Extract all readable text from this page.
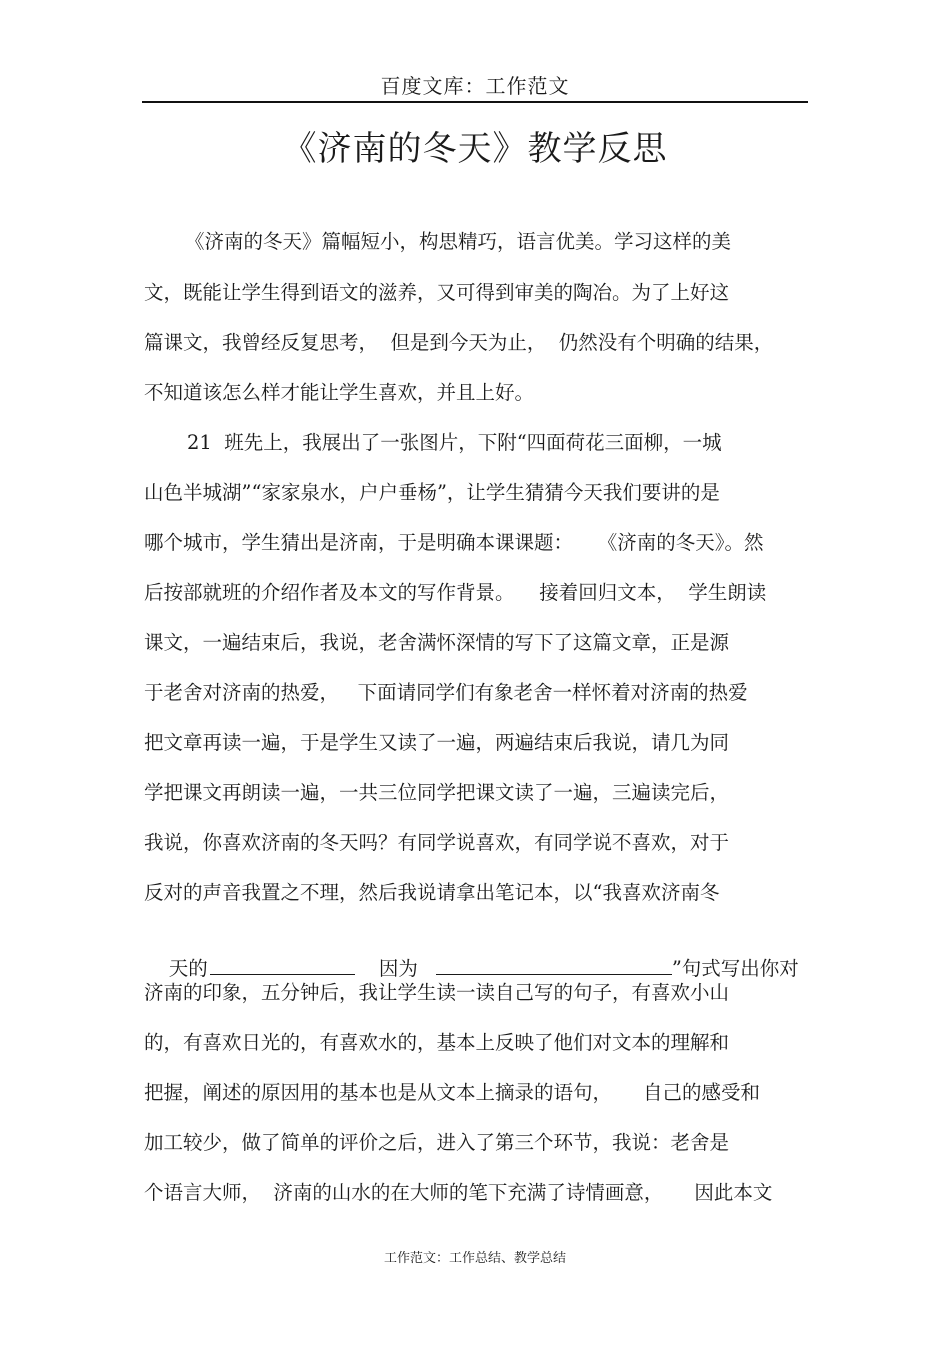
百度文库：工作范文
《济南的冬天》教学反思
《济南的冬天》篇幅短小，构思精巧，语言优美。学习这样的美
文，既能让学生得到语文的滋养，又可得到审美的陶冶。为了上好这
篇课文，我曾经反复思考，  但是到今天为止，  仍然没有个明确的结果，
不知道该怎么样才能让学生喜欢，并且上好。
21  班先上，我展出了一张图片，下附“四面荷花三面柳，一城
山色半城湖”“家家泉水，户户垂杨”，让学生猜猜今天我们要讲的是
哪个城市，学生猜出是济南，于是明确本课课题：    《济南的冬天》。然
后按部就班的介绍作者及本文的写作背景。    接着回归文本，  学生朗读
课文，一遍结束后，我说，老舍满怀深情的写下了这篇文章，正是源
于老舍对济南的热爱，   下面请同学们有象老舍一样怀着对济南的热爱
把文章再读一遍，于是学生又读了一遍，两遍结束后我说，请几为同
学把课文再朗读一遍，一共三位同学把课文读了一遍，三遍读完后，
我说，你喜欢济南的冬天吗？有同学说喜欢，有同学说不喜欢，对于
反对的声音我置之不理，然后我说请拿出笔记本，以“我喜欢济南冬

天的	因为	”句式写出你对

济南的印象，五分钟后，我让学生读一读自己写的句子，有喜欢小山
的，有喜欢日光的，有喜欢水的，基本上反映了他们对文本的理解和
把握，阐述的原因用的基本也是从文本上摘录的语句，     自己的感受和
加工较少，做了简单的评价之后，进入了第三个环节，我说：老舍是
个语言大师，  济南的山水的在大师的笔下充满了诗情画意，     因此本文
工作范文：工作总结、教学总结
